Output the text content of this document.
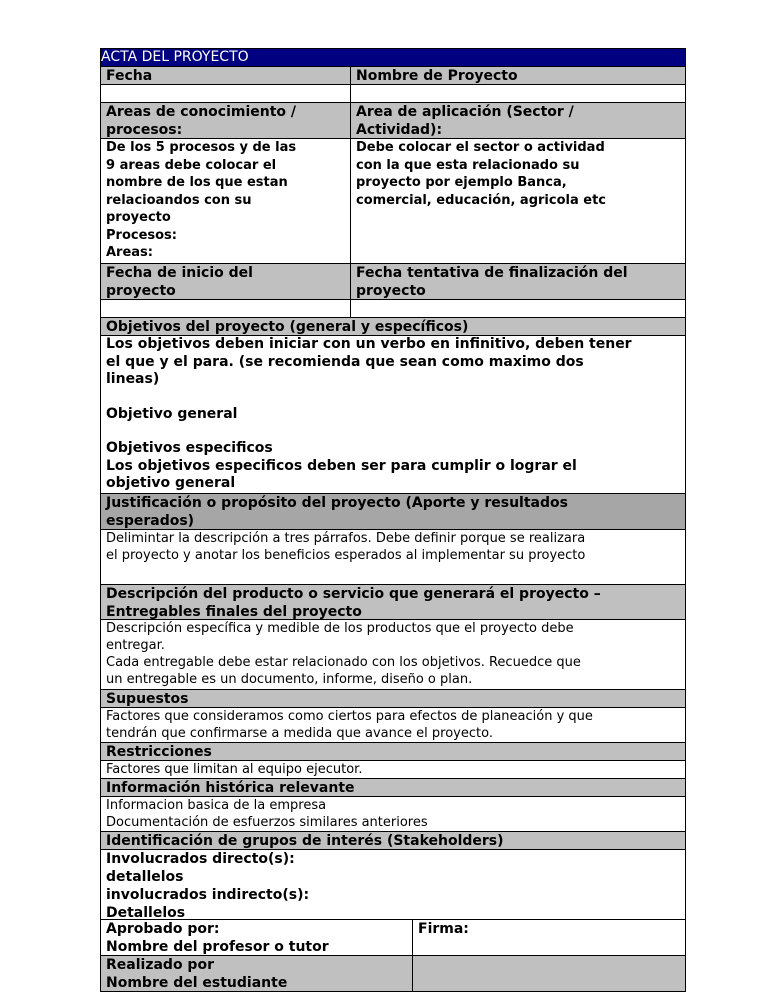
ACTA DEL PROYECTO
Fecha	Nombre de Proyecto
Areas de conocimiento /
procesos:
Area de aplicación (Sector /
Actividad):
De los 5 procesos y de las
9 areas debe colocar el
nombre de los que estan
relacioandos con su
proyecto
Procesos:
Areas:
Debe colocar el sector o actividad
con la que esta relacionado su
proyecto por ejemplo Banca,
comercial, educación, agricola etc
Fecha de inicio del
proyecto
Fecha tentativa de finalización del
proyecto
Objetivos del proyecto (general y específicos)
Los objetivos deben iniciar con un verbo en infinitivo, deben tener
el que y el para. (se recomienda que sean como maximo dos
lineas)
Objetivo general
Objetivos especificos
Los objetivos especificos deben ser para cumplir o lograr el
objetivo general
Justificación o propósito del proyecto (Aporte y resultados
esperados)
Delimintar la descripción a tres párrafos. Debe definir porque se realizara
el proyecto y anotar los beneficios esperados al implementar su proyecto
Descripción del producto o servicio que generará el proyecto –
Entregables finales del proyecto
Descripción específica y medible de los productos que el proyecto debe
entregar.
Cada entregable debe estar relacionado con los objetivos. Recuedce que
un entregable es un documento, informe, diseño o plan.
Supuestos
Factores que consideramos como ciertos para efectos de planeación y que
tendrán que confirmarse a medida que avance el proyecto.
Restricciones
Factores que limitan al equipo ejecutor.
Información histórica relevante
Informacion basica de la empresa
Documentación de esfuerzos similares anteriores
Identificación de grupos de interés (Stakeholders)
Involucrados directo(s):
detallelos
involucrados indirecto(s):
Detallelos
Aprobado por:
Nombre del profesor o tutor
Firma:
Realizado por
Nombre del estudiante
